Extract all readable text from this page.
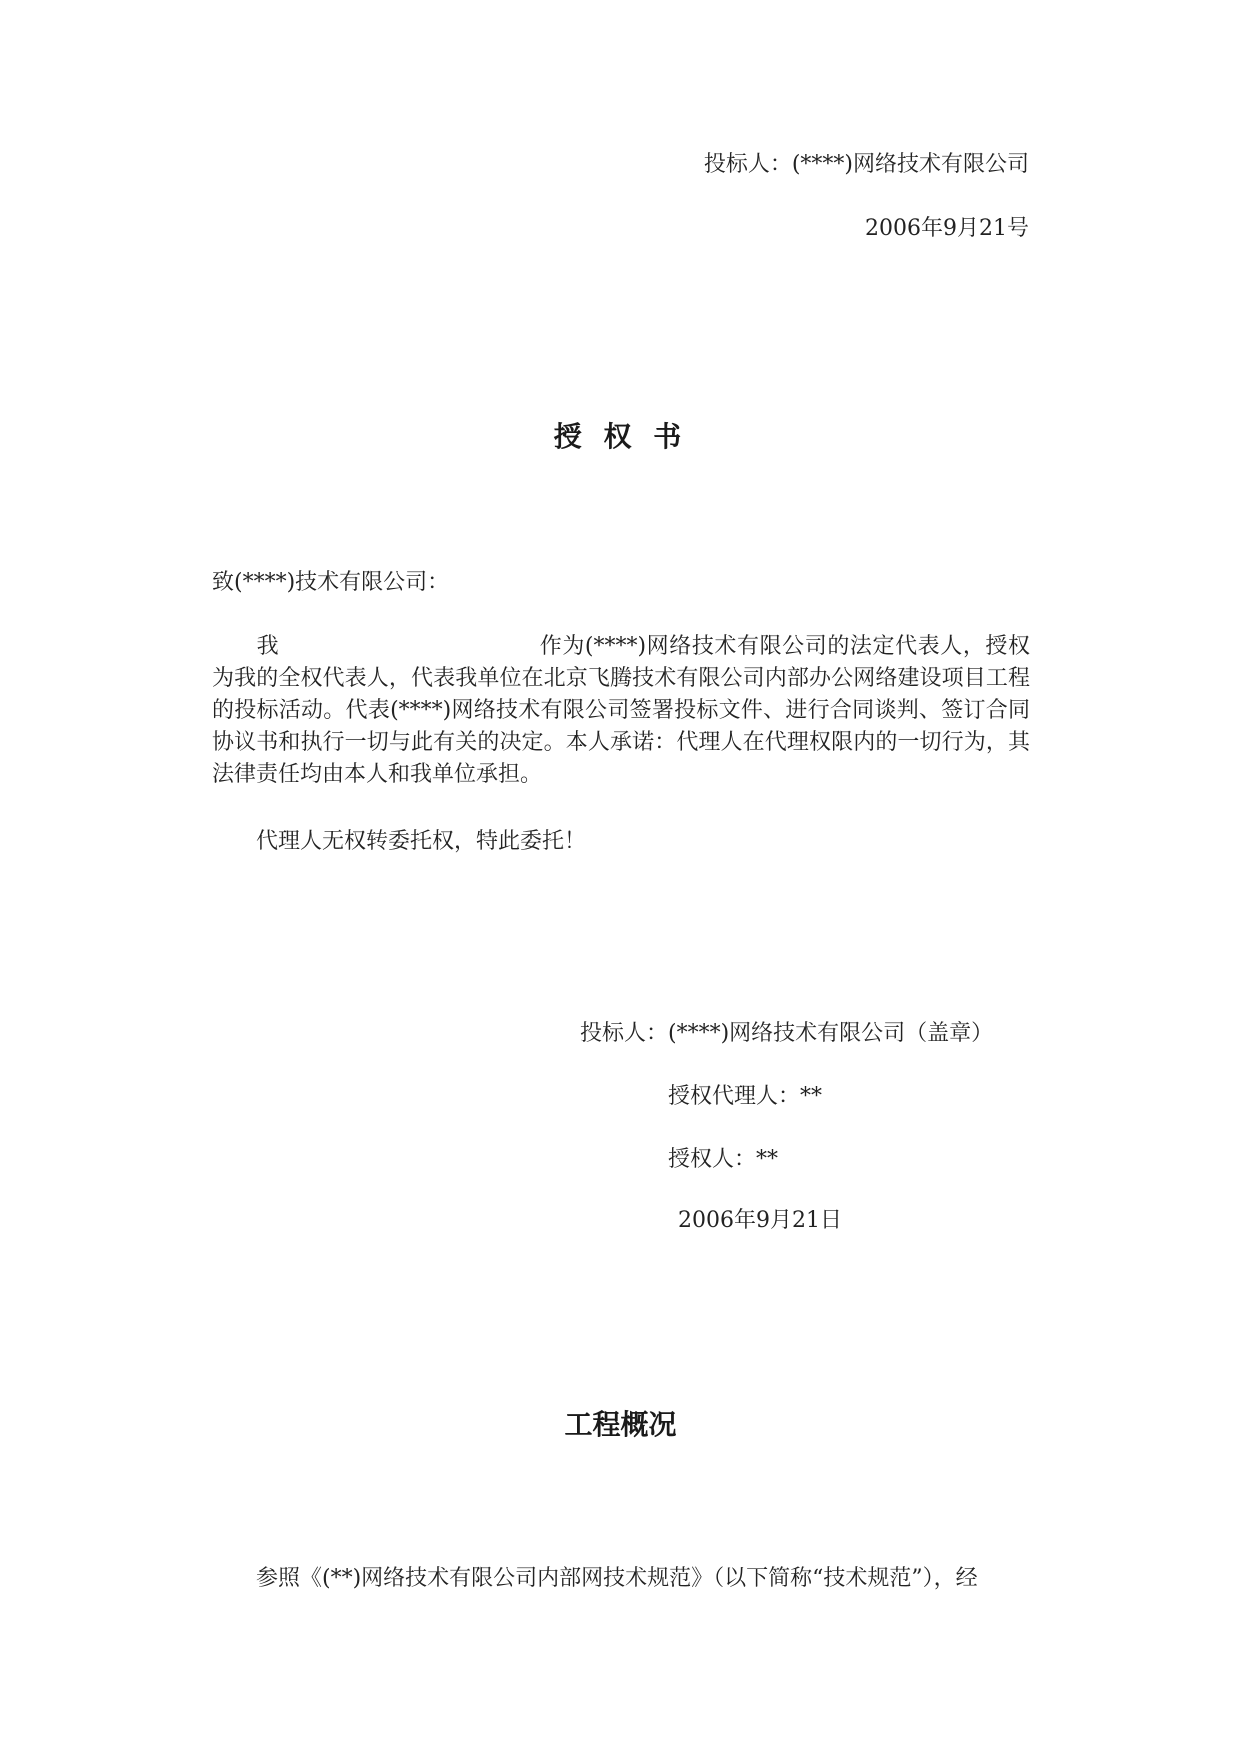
投标人：(****)网络技术有限公司

2006年9月21号

授 权 书

致(****)技术有限公司：

我	作为(****)网络技术有限公司的法定代表人，授权为我的全权代表人，代表我单位在北京飞腾技术有限公司内部办公网络建设项目工程的投标活动。代表(****)网络技术有限公司签署投标文件、进行合同谈判、签订合同协议书和执行一切与此有关的决定。本人承诺：代理人在代理权限内的一切行为，其法律责任均由本人和我单位承担。

代理人无权转委托权，特此委托！

投标人：(****)网络技术有限公司（盖章）

授权代理人：**

授权人：**

2006年9月21日

工程概况

参照《(**)网络技术有限公司内部网技术规范》（以下简称“技术规范”），经
